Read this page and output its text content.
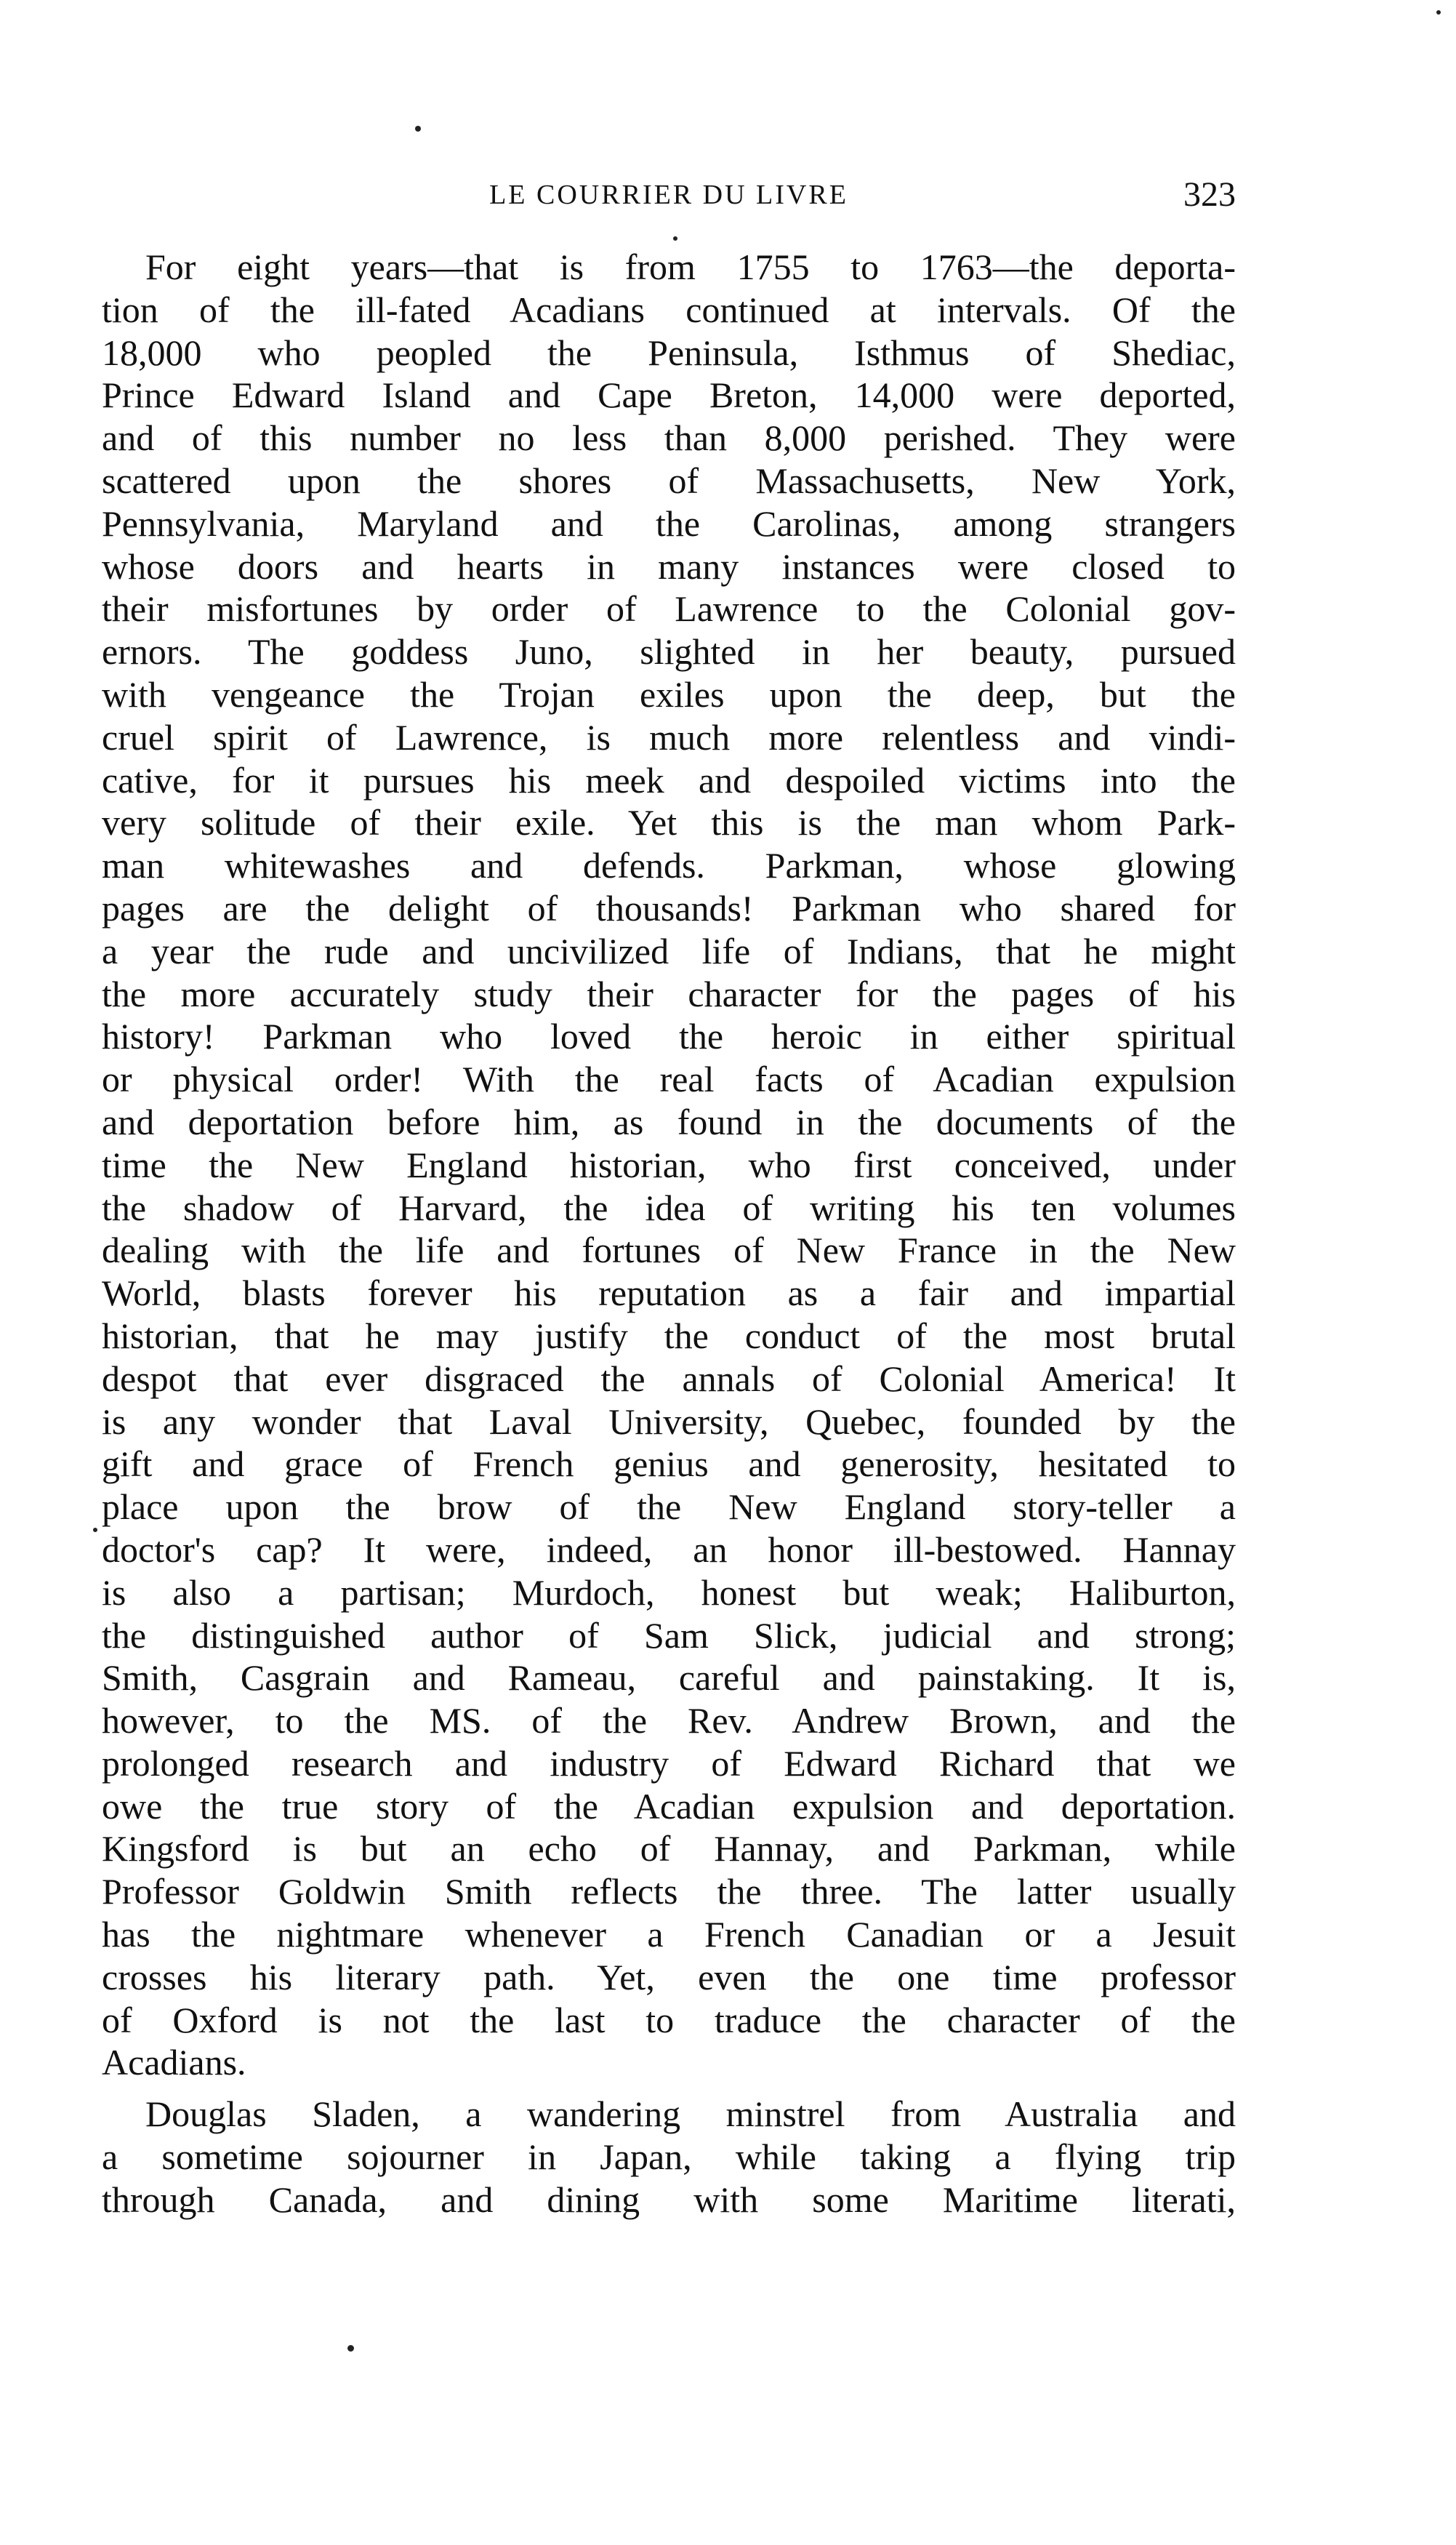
LE COURRIER DU LIVRE	323
For eight years—that is from 1755 to 1763—the deporta-
tion of the ill-fated Acadians continued at intervals. Of the
18,000 who peopled the Peninsula, Isthmus of Shediac,
Prince Edward Island and Cape Breton, 14,000 were deported,
and of this number no less than 8,000 perished. They were
scattered upon the shores of Massachusetts, New York,
Pennsylvania, Maryland and the Carolinas, among strangers
whose doors and hearts in many instances were closed to
their misfortunes by order of Lawrence to the Colonial gov-
ernors. The goddess Juno, slighted in her beauty, pursued
with vengeance the Trojan exiles upon the deep, but the
cruel spirit of Lawrence, is much more relentless and vindi-
cative, for it pursues his meek and despoiled victims into the
very solitude of their exile. Yet this is the man whom Park-
man whitewashes and defends. Parkman, whose glowing
pages are the delight of thousands! Parkman who shared for
a year the rude and uncivilized life of Indians, that he might
the more accurately study their character for the pages of his
history! Parkman who loved the heroic in either spiritual
or physical order! With the real facts of Acadian expulsion
and deportation before him, as found in the documents of the
time the New England historian, who first conceived, under
the shadow of Harvard, the idea of writing his ten volumes
dealing with the life and fortunes of New France in the New
World, blasts forever his reputation as a fair and impartial
historian, that he may justify the conduct of the most brutal
despot that ever disgraced the annals of Colonial America! It
is any wonder that Laval University, Quebec, founded by the
gift and grace of French genius and generosity, hesitated to
place upon the brow of the New England story-teller a
doctor's cap? It were, indeed, an honor ill-bestowed. Hannay
is also a partisan; Murdoch, honest but weak; Haliburton,
the distinguished author of Sam Slick, judicial and strong;
Smith, Casgrain and Rameau, careful and painstaking. It is,
however, to the MS. of the Rev. Andrew Brown, and the
prolonged research and industry of Edward Richard that we
owe the true story of the Acadian expulsion and deportation.
Kingsford is but an echo of Hannay, and Parkman, while
Professor Goldwin Smith reflects the three. The latter usually
has the nightmare whenever a French Canadian or a Jesuit
crosses his literary path. Yet, even the one time professor
of Oxford is not the last to traduce the character of the
Acadians.
Douglas Sladen, a wandering minstrel from Australia and
a sometime sojourner in Japan, while taking a flying trip
through Canada, and dining with some Maritime literati,
